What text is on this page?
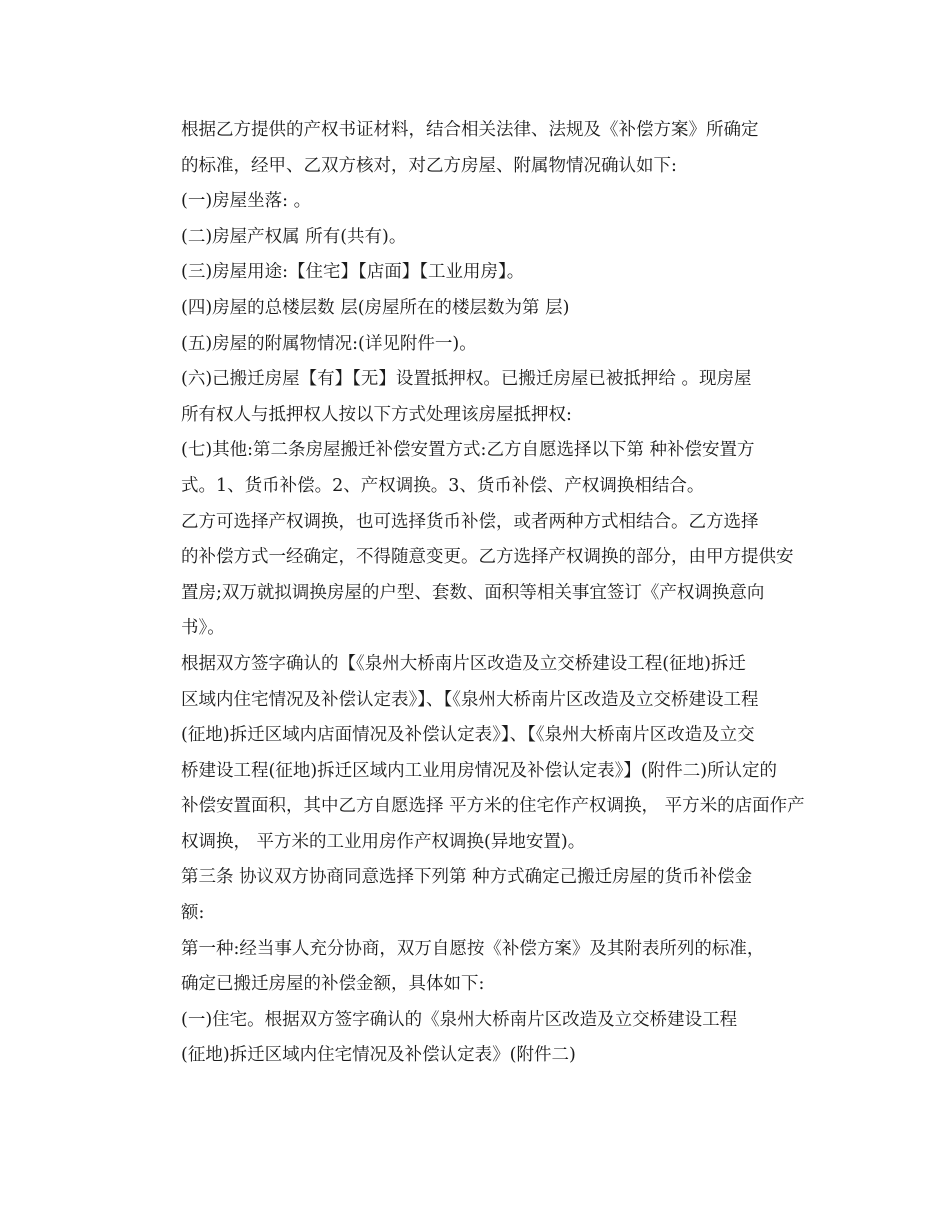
根据乙方提供的产权书证材料，结合相关法律、法规及《补偿方案》所确定
的标准，经甲、乙双方核对，对乙方房屋、附属物情况确认如下:

(一)房屋坐落: 。

(二)房屋产权属 所有(共有)。

(三)房屋用途:【住宅】【店面】【工业用房】。

(四)房屋的总楼层数 层(房屋所在的楼层数为第 层)

(五)房屋的附属物情况:(详见附件一)。

(六)己搬迁房屋【有】【无】设置抵押权。已搬迁房屋已被抵押给 。现房屋
所有权人与抵押权人按以下方式处理该房屋抵押权:

(七)其他:第二条房屋搬迁补偿安置方式:乙方自愿选择以下第 种补偿安置方
式。1、货币补偿。2、产权调换。3、货币补偿、产权调换相结合。

乙方可选择产权调换，也可选择货币补偿，或者两种方式相结合。乙方选择
的补偿方式一经确定，不得随意变更。乙方选择产权调换的部分，由甲方提供安
置房;双万就拟调换房屋的户型、套数、面积等相关事宜签订《产权调换意向
书》。

根据双方签字确认的【《泉州大桥南片区改造及立交桥建设工程(征地)拆迁
区域内住宅情况及补偿认定表》】、【《泉州大桥南片区改造及立交桥建设工程
(征地)拆迁区域内店面情况及补偿认定表》】、【《泉州大桥南片区改造及立交
桥建设工程(征地)拆迁区域内工业用房情况及补偿认定表》】(附件二)所认定的
补偿安置面积，其中乙方自愿选择 平方米的住宅作产权调换， 平方米的店面作产
权调换， 平方米的工业用房作产权调换(异地安置)。

第三条 协议双方协商同意选择下列第 种方式确定己搬迁房屋的货币补偿金
额:

第一种:经当事人充分协商，双万自愿按《补偿方案》及其附表所列的标准，
确定已搬迁房屋的补偿金额，具体如下:

(一)住宅。根据双方签字确认的《泉州大桥南片区改造及立交桥建设工程
(征地)拆迁区域内住宅情况及补偿认定表》(附件二)
